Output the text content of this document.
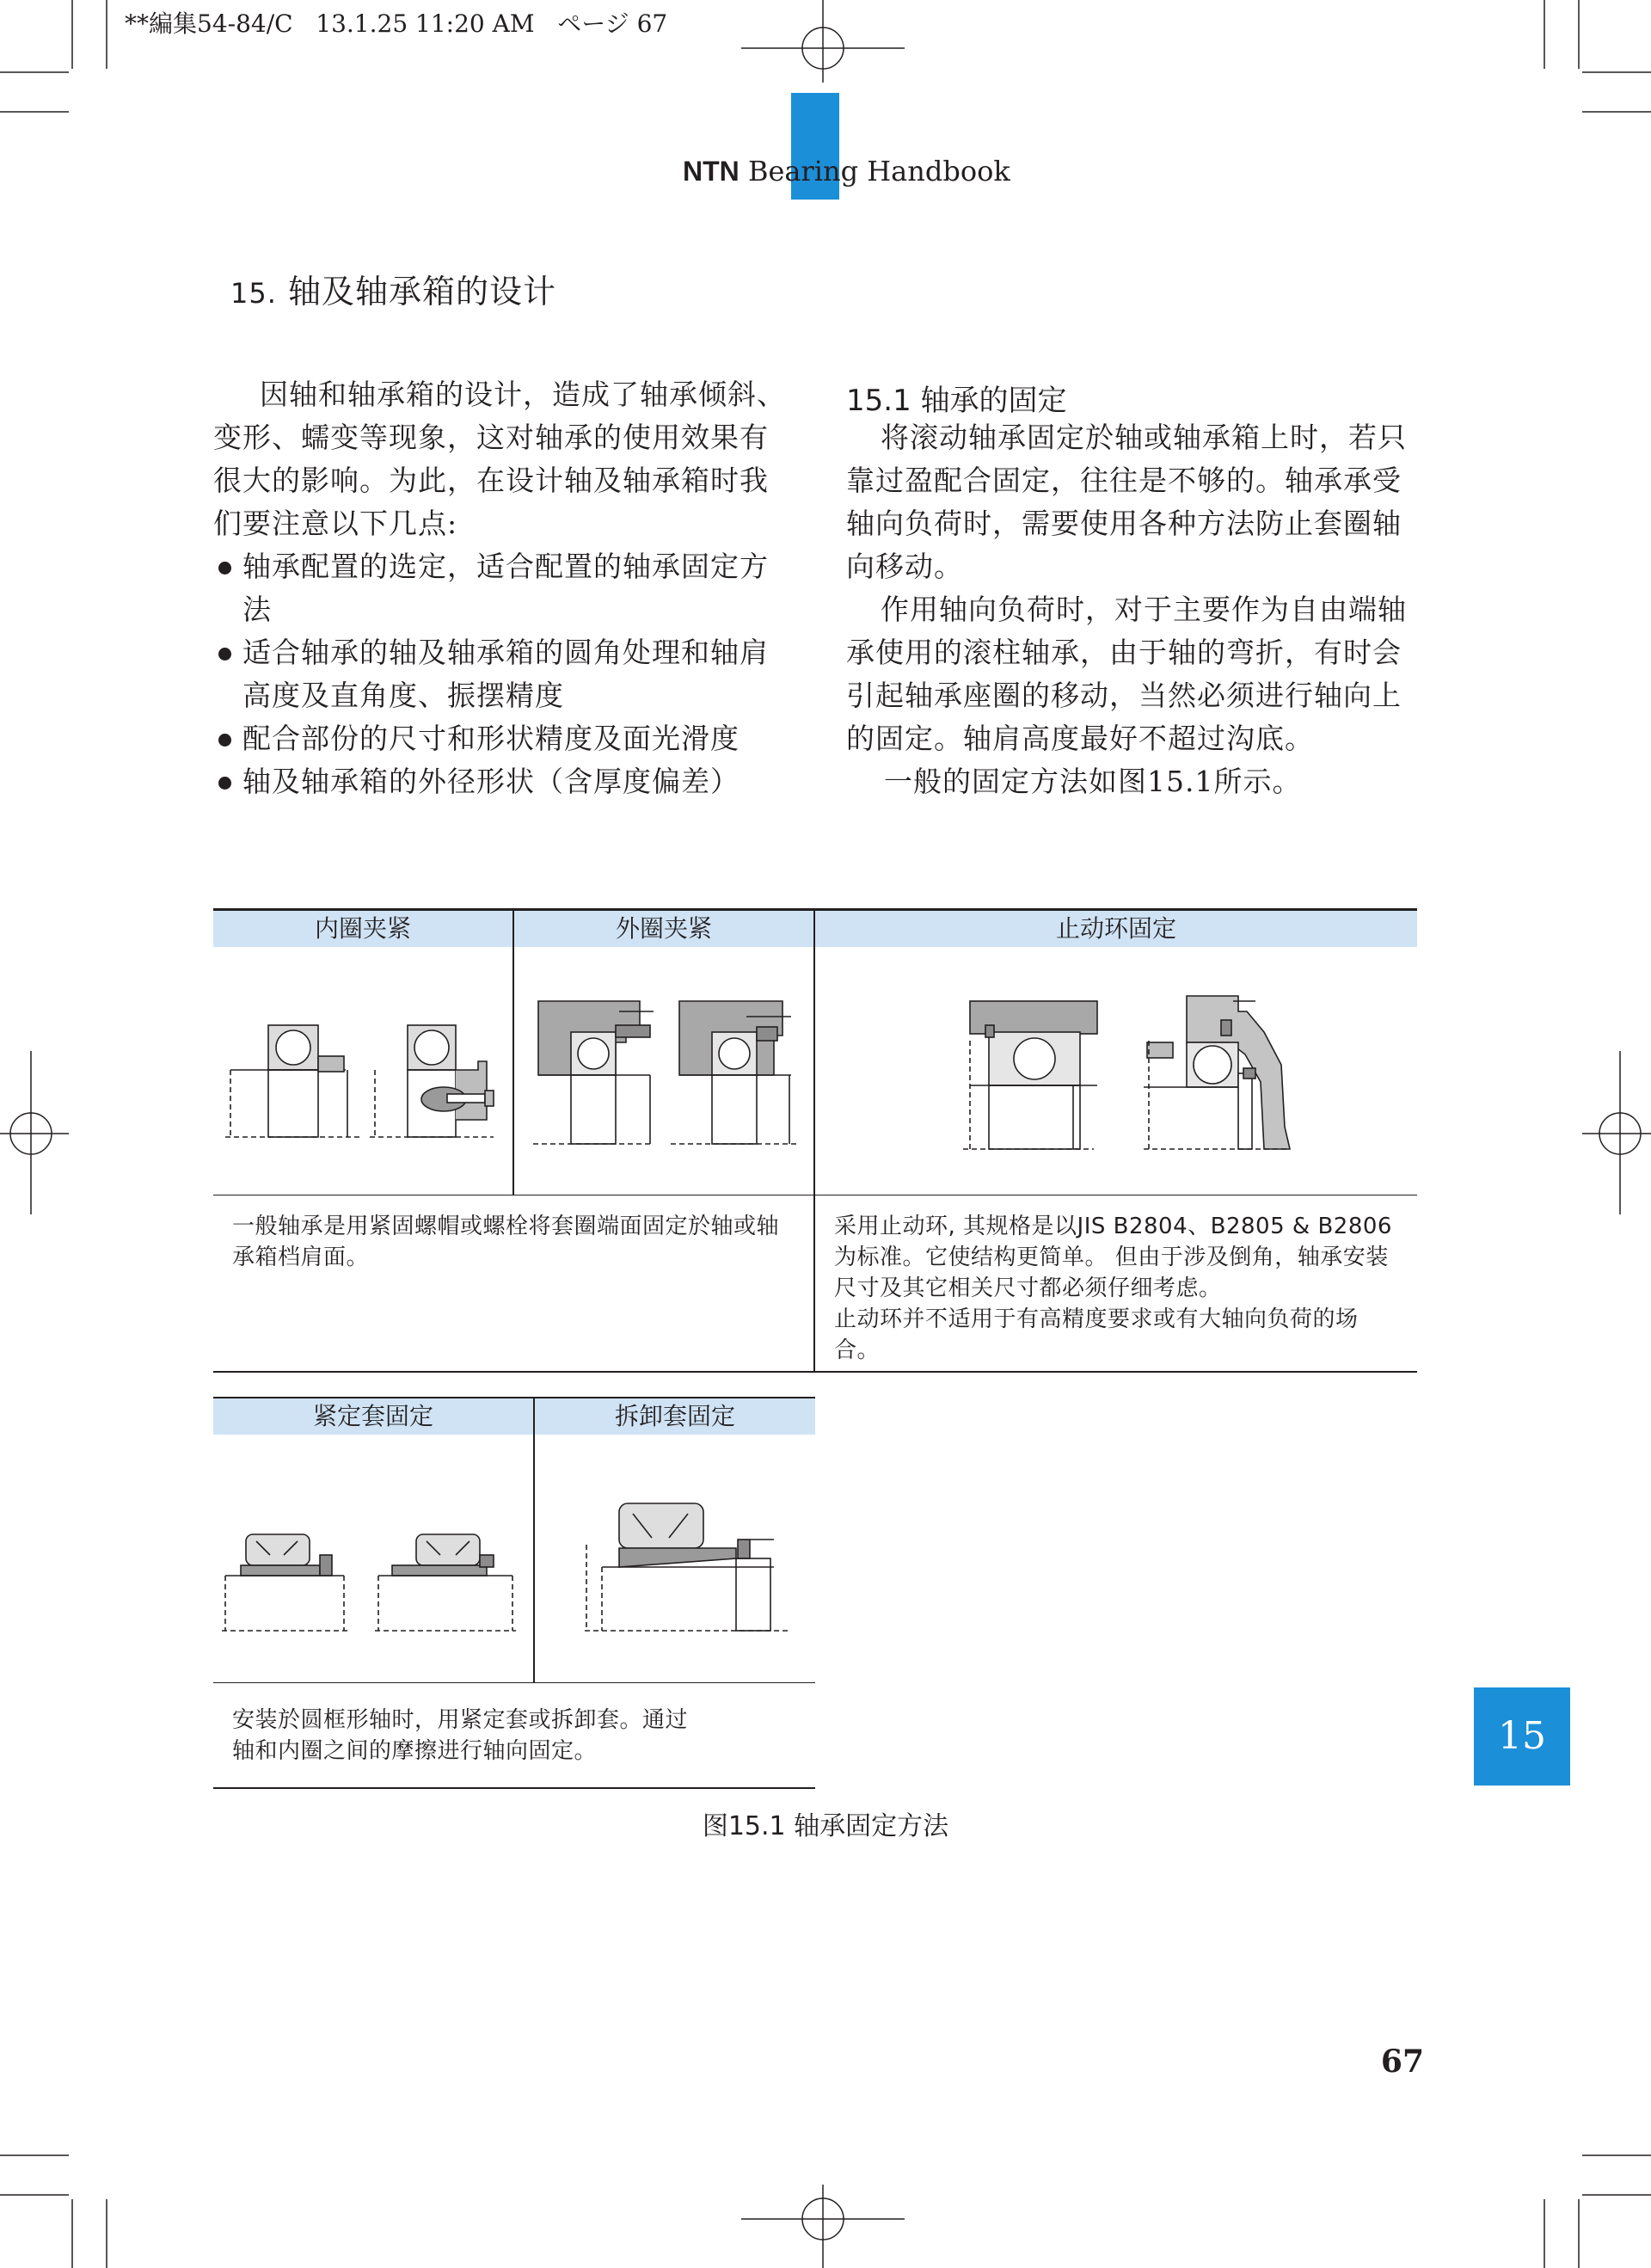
**編集54-84/C   13.1.25 11:20 AM   ページ 67
NTN Bearing Handbook
15. 轴及轴承箱的设计
因轴和轴承箱的设计，造成了轴承倾斜、变形、蠕变等现象，这对轴承的使用效果有很大的影响。为此，在设计轴及轴承箱时我们要注意以下几点:
轴承配置的选定，适合配置的轴承固定方法
适合轴承的轴及轴承箱的圆角处理和轴肩高度及直角度、振摆精度
配合部份的尺寸和形状精度及面光滑度
轴及轴承箱的外径形状（含厚度偏差）
15.1 轴承的固定
将滚动轴承固定於轴或轴承箱上时，若只靠过盈配合固定，往往是不够的。轴承承受轴向负荷时，需要使用各种方法防止套圈轴向移动。
作用轴向负荷时，对于主要作为自由端轴承使用的滚柱轴承，由于轴的弯折，有时会引起轴承座圈的移动，当然必须进行轴向上的固定。轴肩高度最好不超过沟底。
一般的固定方法如图15.1所示。
内圈夹紧	外圈夹紧	止动环固定
一般轴承是用紧固螺帽或螺栓将套圈端面固定於轴或轴承箱档肩面。
采用止动环, 其规格是以JIS B2804、B2805 & B2806为标准。它使结构更简单。 但由于涉及倒角，轴承安装尺寸及其它相关尺寸都必须仔细考虑。
止动环并不适用于有高精度要求或有大轴向负荷的场合。
紧定套固定	拆卸套固定
安装於圆框形轴时，用紧定套或拆卸套。通过轴和内圈之间的摩擦进行轴向固定。
图15.1 轴承固定方法
15
67
